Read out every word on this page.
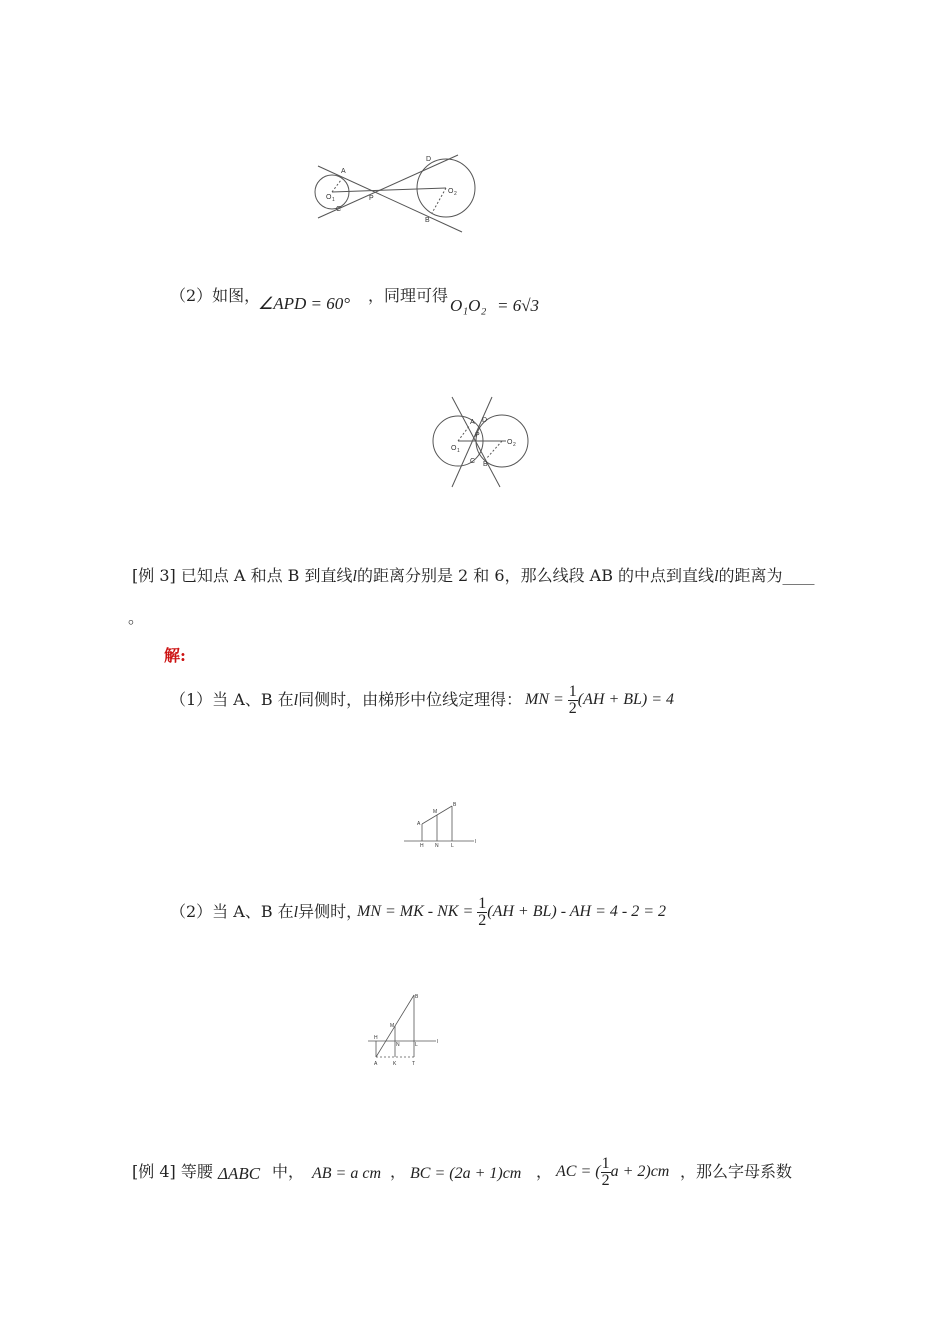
A
C
P
D
B
O 1
O 2
（2）如图，
∠APD = 60° ，同理可得
O₁O₂ = 6√3
A
P
D
C B
O 1
O 2
[例 3] 已知点 A 和点 B 到直线l的距离分别是 2 和 6，那么线段 AB 的中点到直线l的距离为____
。
解:
（1）当 A、B 在l同侧时，由梯形中位线定理得： MN = $\frac{1}{2} (AH + BL) = 4$
A
M
B
H N L
l
（2）当 A、B 在l异侧时，
MN = MK - NK = $\frac{1}{2} (AH + BL)$ - AH = 4 - 2 = 2
B
M
H
N	L
A	K	T
l
[例 4] 等腰 ΔABC 中， AB = a cm ， BC = (2a + 1)cm ， AC = ( $\frac{1}{2}$ a + 2)cm ，那么字母系数
